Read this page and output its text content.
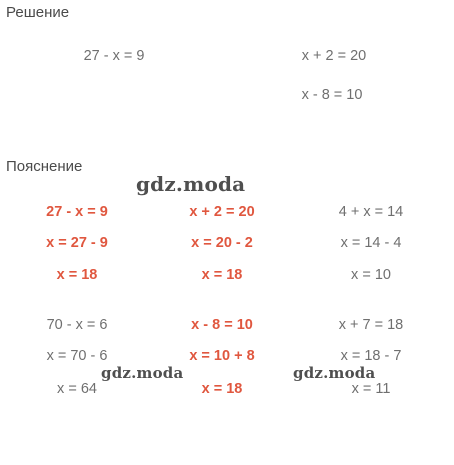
Решение
27 - x = 9	x + 2 = 20
x - 8 = 10
Пояснение
27 - x = 9
x = 27 - 9
x = 18
x + 2 = 20
x = 20 - 2
x = 18
4 + x = 14
x = 14 - 4
x = 10
70 - x = 6
x = 70 - 6
x = 64
x - 8 = 10
x = 10 + 8
x = 18
x + 7 = 18
x = 18 - 7
x = 11
gdz.moda
gdz.moda	gdz.moda
